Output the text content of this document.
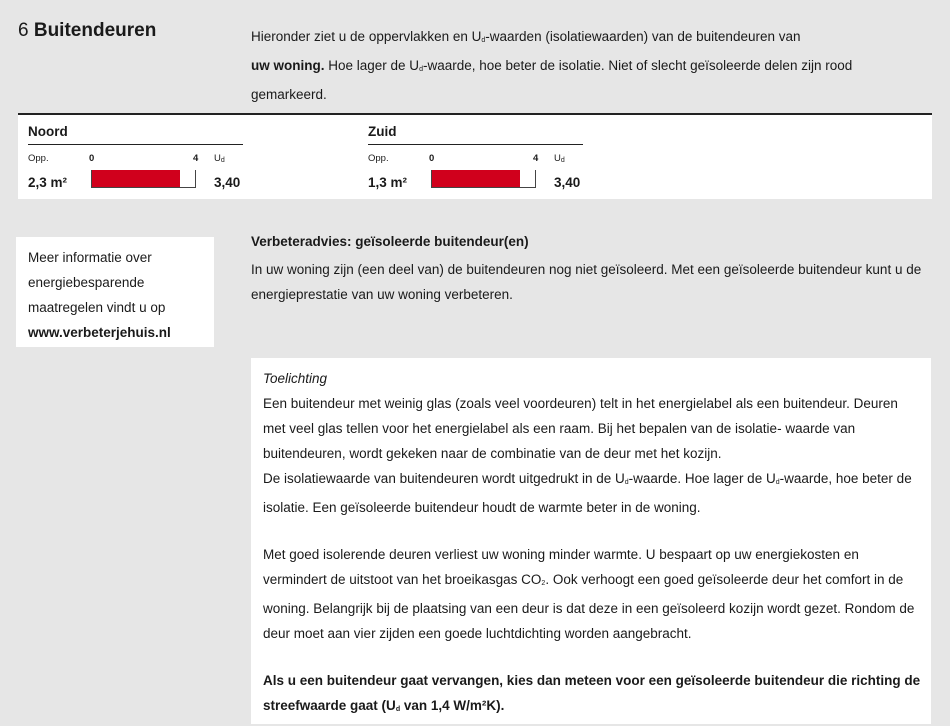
6 Buitendeuren	Hieronder ziet u de oppervlakken en $U_d$-waarden (isolatiewaarden) van de buitendeuren van
uw woning. Hoe lager de $U_d$-waarde, hoe beter de isolatie. Niet of slecht geïsoleerde delen zijn rood gemarkeerd.
Noord
Opp.	0	4 $U_d$
2,3 m²	3,40
Zuid
Opp.	0	4 $U_d$
1,3 m²	3,40

Meer informatie over
energiebesparende
maatregelen vindt u op
www.verbeterjehuis.nl

Verbeteradvies: geïsoleerde buitendeur(en)
In uw woning zijn (een deel van) de buitendeuren nog niet geïsoleerd. Met een geïsoleerde buitendeur kunt u de energieprestatie van uw woning verbeteren.
Toelichting

Een buitendeur met weinig glas (zoals veel voordeuren) telt in het energielabel als een buitendeur. Deuren met veel glas tellen voor het energielabel als een raam. Bij het bepalen van de isolatie- waarde van buitendeuren, wordt gekeken naar de combinatie van de deur met het kozijn.

De isolatiewaarde van buitendeuren wordt uitgedrukt in de $U_d$-waarde. Hoe lager de $U_d$-waarde, hoe beter de isolatie. Een geïsoleerde buitendeur houdt de warmte beter in de woning.

Met goed isolerende deuren verliest uw woning minder warmte. U bespaart op uw energiekosten en vermindert de uitstoot van het broeikasgas $CO_2$. Ook verhoogt een goed geïsoleerde deur het comfort in de woning. Belangrijk bij de plaatsing van een deur is dat deze in een geïsoleerd kozijn wordt gezet. Rondom de deur moet aan vier zijden een goede luchtdichting worden aangebracht.

Als u een buitendeur gaat vervangen, kies dan meteen voor een geïsoleerde buitendeur die richting de streefwaarde gaat ($U_d$ van 1,4 W/m²K).
